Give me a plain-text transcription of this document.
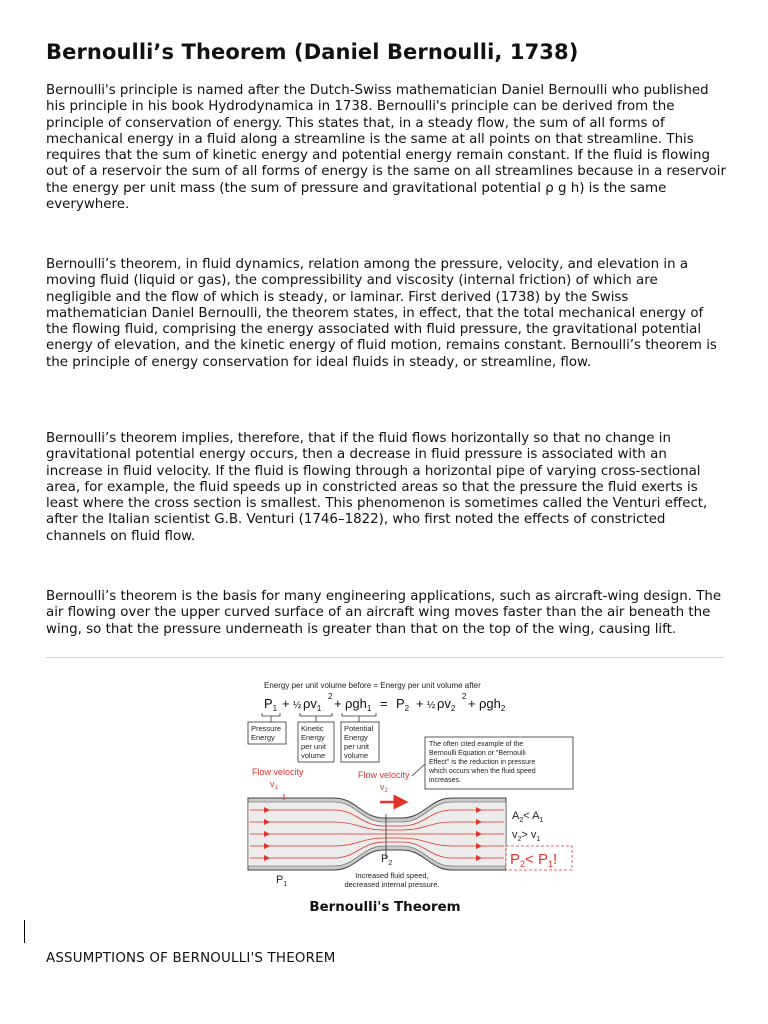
Bernoulli’s Theorem (Daniel Bernoulli, 1738)

Bernoulli's principle is named after the Dutch-Swiss mathematician Daniel Bernoulli who published his principle in his book Hydrodynamica in 1738. Bernoulli's principle can be derived from the principle of conservation of energy. This states that, in a steady flow, the sum of all forms of mechanical energy in a fluid along a streamline is the same at all points on that streamline. This requires that the sum of kinetic energy and potential energy remain constant. If the fluid is flowing out of a reservoir the sum of all forms of energy is the same on all streamlines because in a reservoir the energy per unit mass (the sum of pressure and gravitational potential ρ g h) is the same everywhere.

Bernoulli’s theorem, in fluid dynamics, relation among the pressure, velocity, and elevation in a moving fluid (liquid or gas), the compressibility and viscosity (internal friction) of which are negligible and the flow of which is steady, or laminar. First derived (1738) by the Swiss mathematician Daniel Bernoulli, the theorem states, in effect, that the total mechanical energy of the flowing fluid, comprising the energy associated with fluid pressure, the gravitational potential energy of elevation, and the kinetic energy of fluid motion, remains constant. Bernoulli’s theorem is the principle of energy conservation for ideal fluids in steady, or streamline, flow.

Bernoulli’s theorem implies, therefore, that if the fluid flows horizontally so that no change in gravitational potential energy occurs, then a decrease in fluid pressure is associated with an increase in fluid velocity. If the fluid is flowing through a horizontal pipe of varying cross-sectional area, for example, the fluid speeds up in constricted areas so that the pressure the fluid exerts is least where the cross section is smallest. This phenomenon is sometimes called the Venturi effect, after the Italian scientist G.B. Venturi (1746–1822), who first noted the effects of constricted channels on fluid flow.

Bernoulli’s theorem is the basis for many engineering applications, such as aircraft-wing design. The air flowing over the upper curved surface of an aircraft wing moves faster than the air beneath the wing, so that the pressure underneath is greater than that on the top of the wing, causing lift.

Energy per unit volume before = Energy per unit volume after
$P_1$ + ½ $\rho v_1$
$2 + \rho gh_1 = P_2$ + ½ $\rho v_2$
2 + ρgh$_2$
Pressure
Energy
Kinetic
Energy
per unit
volume
Potential
Energy
per unit
volume
The often cited example of the
Bernoulli Equation or "Bernoulli
Effect" is the reduction in pressure
which occurs when the fluid speed
increases.
Flow velocity
$v_1$
Flow velocity
$v_2$
$A_2< A_1$
$v_2> v_1$
$P_2< P_1$!
$P_2$
$P_1$
Increased fluid speed,
decreased internal pressure.
Bernoulli's Theorem
ASSUMPTIONS OF BERNOULLI'S THEOREM
